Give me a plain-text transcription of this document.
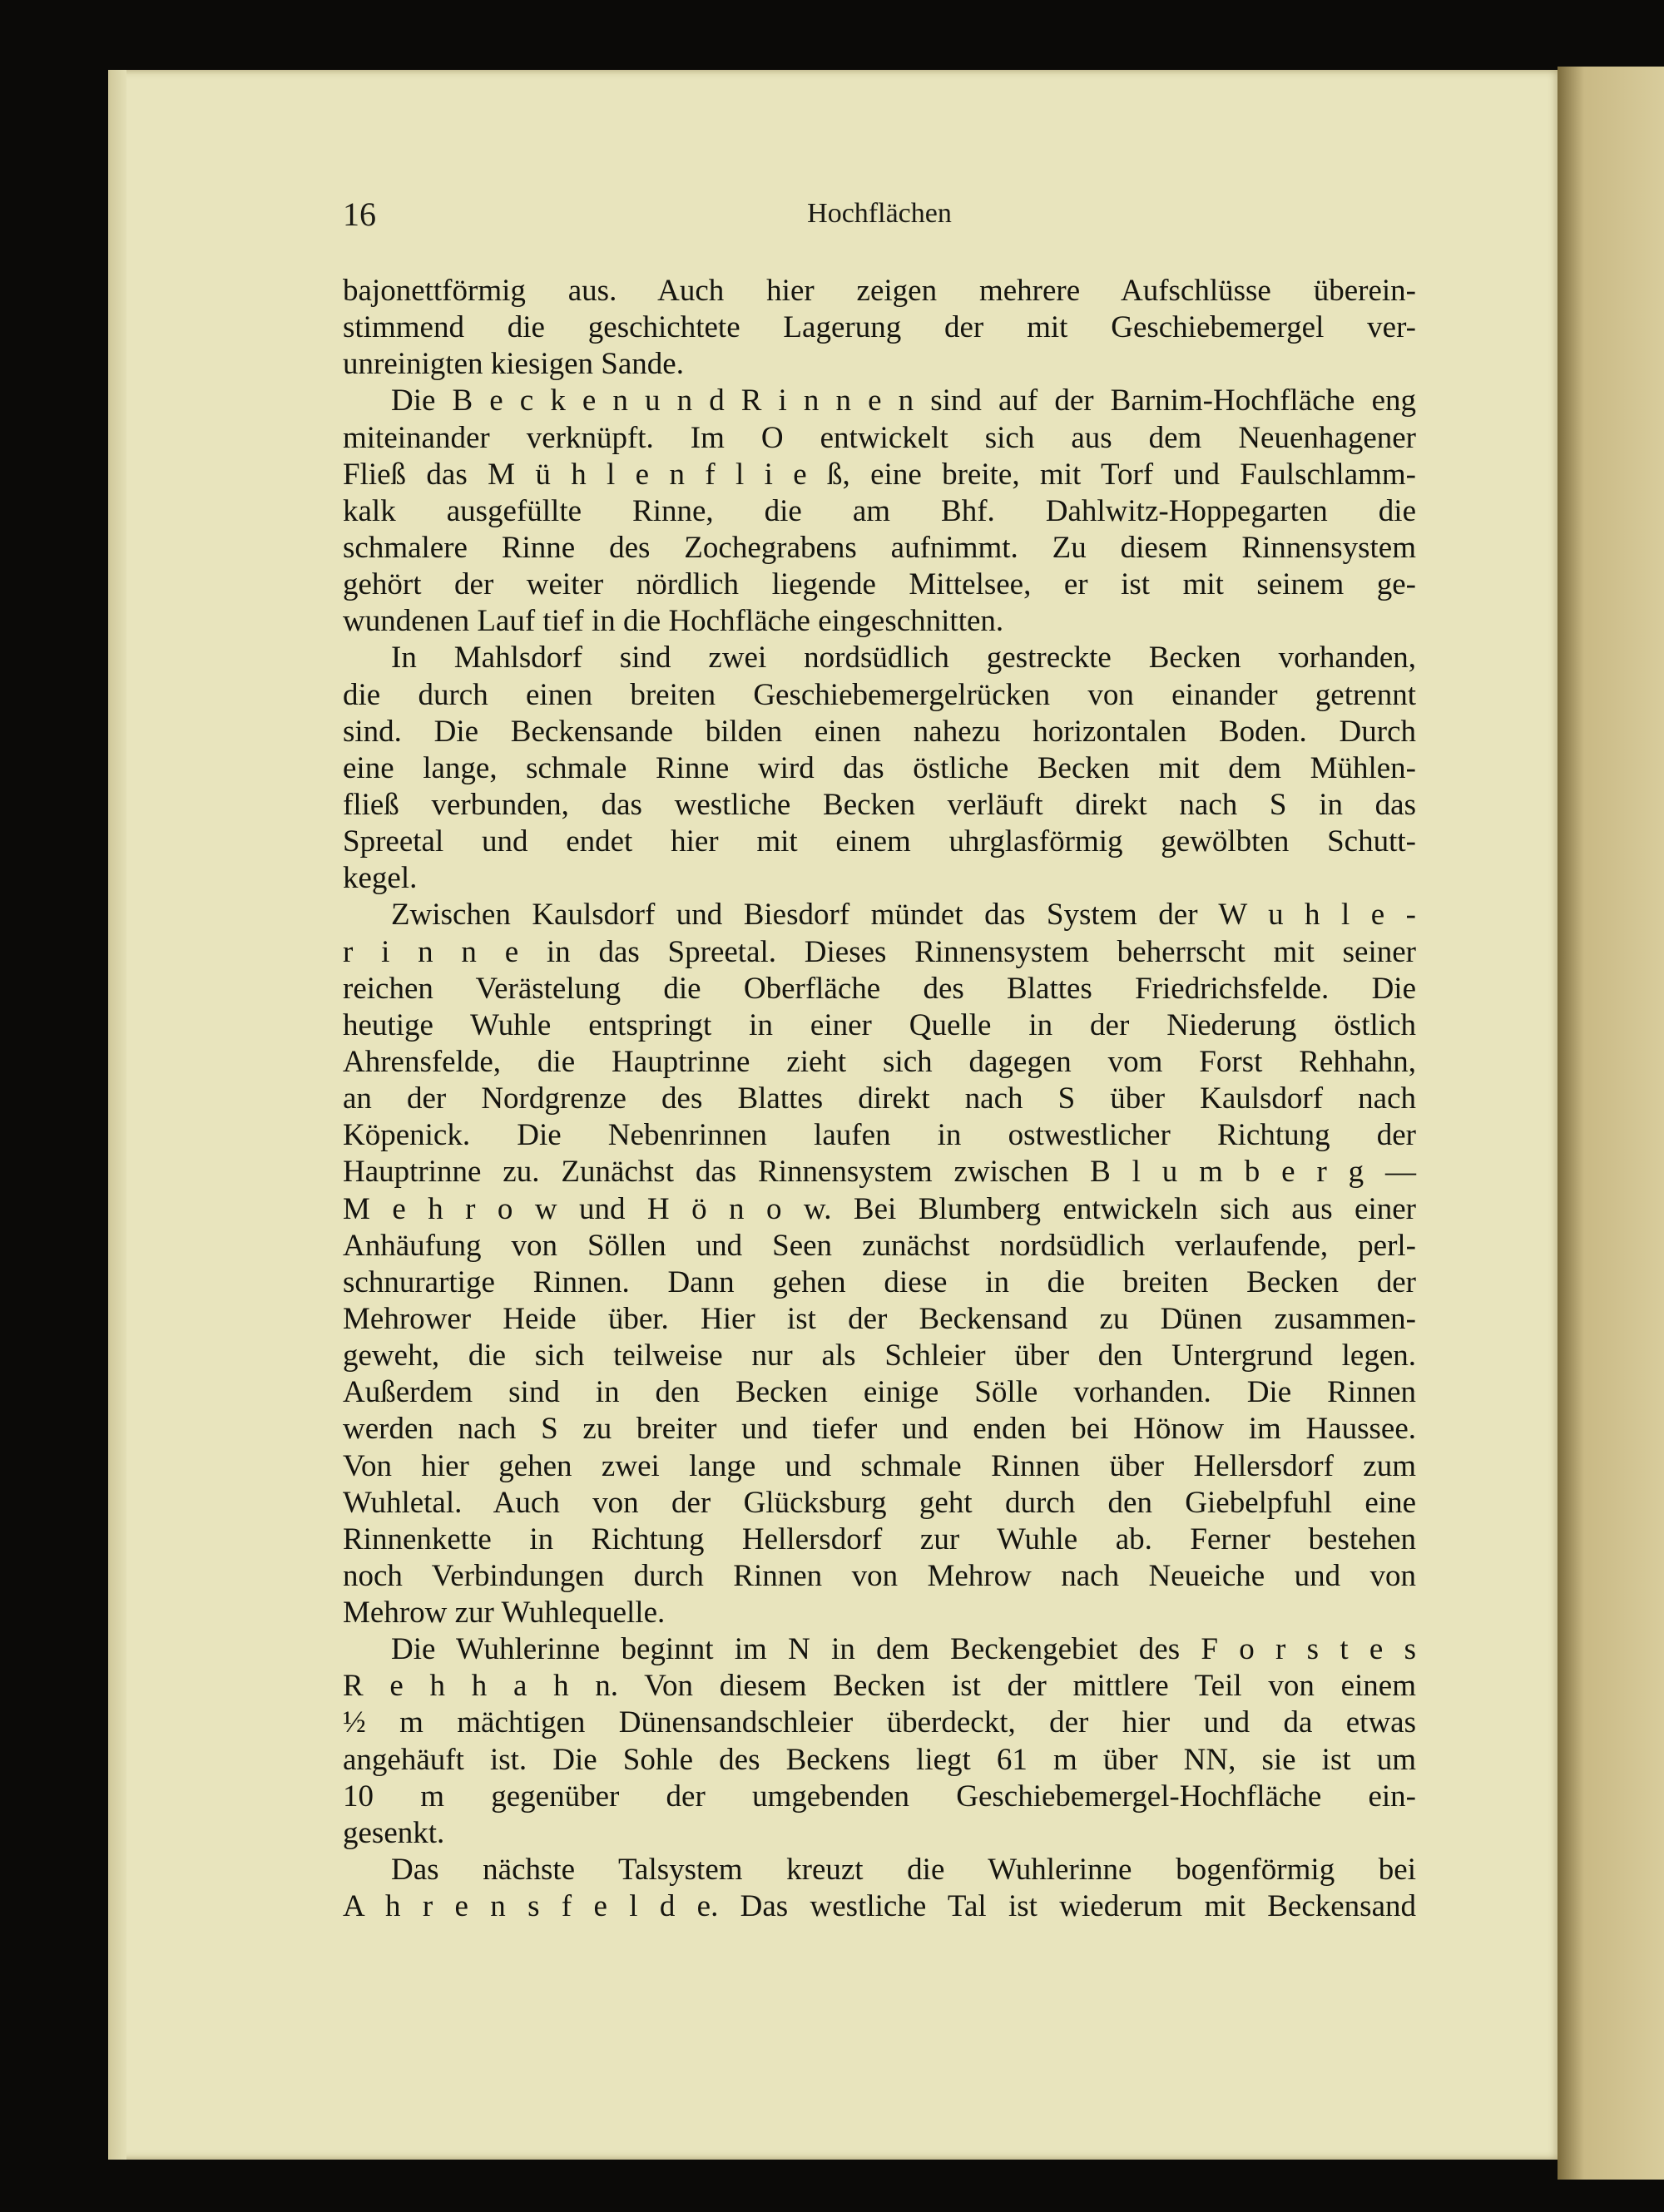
16	Hochflächen
bajonettförmig aus. Auch hier zeigen mehrere Aufschlüsse überein-
stimmend die geschichtete Lagerung der mit Geschiebemergel ver-
unreinigten kiesigen Sande.
Die B e c k e n u n d R i n n e n sind auf der Barnim-Hochfläche eng
miteinander verknüpft. Im O entwickelt sich aus dem Neuenhagener
Fließ das M ü h l e n f l i e ß, eine breite, mit Torf und Faulschlamm-
kalk ausgefüllte Rinne, die am Bhf. Dahlwitz-Hoppegarten die
schmalere Rinne des Zochegrabens aufnimmt. Zu diesem Rinnensystem
gehört der weiter nördlich liegende Mittelsee, er ist mit seinem ge-
wundenen Lauf tief in die Hochfläche eingeschnitten.
In Mahlsdorf sind zwei nordsüdlich gestreckte Becken vorhanden,
die durch einen breiten Geschiebemergelrücken von einander getrennt
sind. Die Beckensande bilden einen nahezu horizontalen Boden. Durch
eine lange, schmale Rinne wird das östliche Becken mit dem Mühlen-
fließ verbunden, das westliche Becken verläuft direkt nach S in das
Spreetal und endet hier mit einem uhrglasförmig gewölbten Schutt-
kegel.
Zwischen Kaulsdorf und Biesdorf mündet das System der W u h l e -
r i n n e in das Spreetal. Dieses Rinnensystem beherrscht mit seiner
reichen Verästelung die Oberfläche des Blattes Friedrichsfelde. Die
heutige Wuhle entspringt in einer Quelle in der Niederung östlich
Ahrensfelde, die Hauptrinne zieht sich dagegen vom Forst Rehhahn,
an der Nordgrenze des Blattes direkt nach S über Kaulsdorf nach
Köpenick. Die Nebenrinnen laufen in ostwestlicher Richtung der
Hauptrinne zu. Zunächst das Rinnensystem zwischen B l u m b e r g —
M e h r o w und H ö n o w. Bei Blumberg entwickeln sich aus einer
Anhäufung von Söllen und Seen zunächst nordsüdlich verlaufende, perl-
schnurartige Rinnen. Dann gehen diese in die breiten Becken der
Mehrower Heide über. Hier ist der Beckensand zu Dünen zusammen-
geweht, die sich teilweise nur als Schleier über den Untergrund legen.
Außerdem sind in den Becken einige Sölle vorhanden. Die Rinnen
werden nach S zu breiter und tiefer und enden bei Hönow im Haussee.
Von hier gehen zwei lange und schmale Rinnen über Hellersdorf zum
Wuhletal. Auch von der Glücksburg geht durch den Giebelpfuhl eine
Rinnenkette in Richtung Hellersdorf zur Wuhle ab. Ferner bestehen
noch Verbindungen durch Rinnen von Mehrow nach Neueiche und von
Mehrow zur Wuhlequelle.
Die Wuhlerinne beginnt im N in dem Beckengebiet des F o r s t e s
R e h h a h n. Von diesem Becken ist der mittlere Teil von einem
½ m mächtigen Dünensandschleier überdeckt, der hier und da etwas
angehäuft ist. Die Sohle des Beckens liegt 61 m über NN, sie ist um
10 m gegenüber der umgebenden Geschiebemergel-Hochfläche ein-
gesenkt.
Das nächste Talsystem kreuzt die Wuhlerinne bogenförmig bei
A h r e n s f e l d e. Das westliche Tal ist wiederum mit Beckensand
